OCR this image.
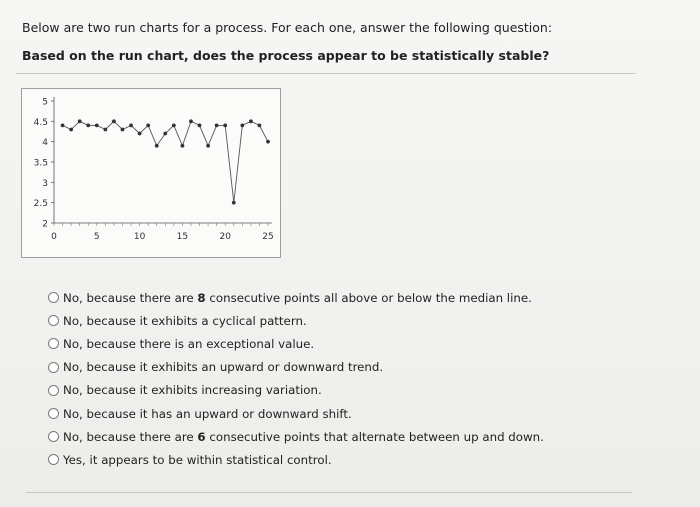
Below are two run charts for a process. For each one, answer the following question:
Based on the run chart, does the process appear to be statistically stable?
5
4.5
4
3.5
3
2.5
2
0	5	10	15	20	25
No, because there are 8 consecutive points all above or below the median line.
No, because it exhibits a cyclical pattern.
No, because there is an exceptional value.
No, because it exhibits an upward or downward trend.
No, because it exhibits increasing variation.
No, because it has an upward or downward shift.
No, because there are 6 consecutive points that alternate between up and down.
Yes, it appears to be within statistical control.
